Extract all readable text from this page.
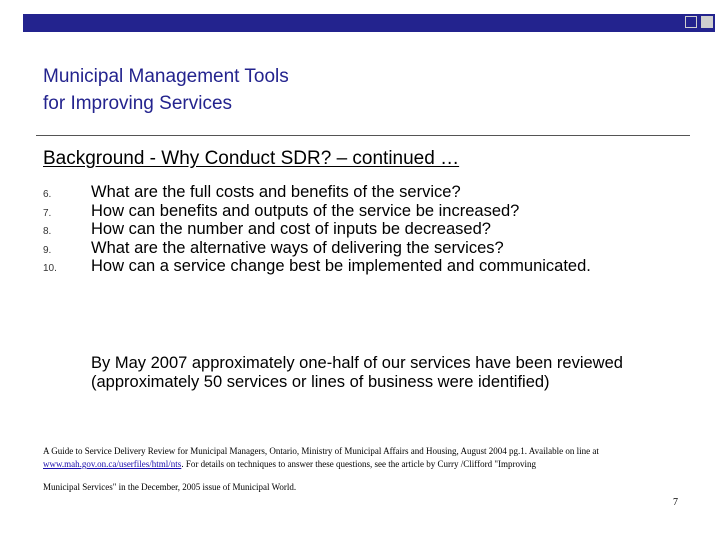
Municipal Management Tools
for Improving Services
Background - Why Conduct SDR? – continued …
6. What are the full costs and benefits of the service?
7. How can benefits and outputs of the service be increased?
8. How can the number and cost of inputs be decreased?
9. What are the alternative ways of delivering the services?
10. How can a service change best be implemented and communicated.
By May 2007 approximately one-half of our services have been reviewed (approximately 50 services or lines of business were identified)

A Guide to Service Delivery Review for Municipal Managers, Ontario, Ministry of Municipal Affairs and Housing, August 2004 pg.1. Available on line at www.mah.gov.on.ca/userfiles/html/nts. For details on techniques to answer these questions, see the article by Curry /Clifford "Improving

Municipal Services" in the December, 2005 issue of Municipal World.

7
